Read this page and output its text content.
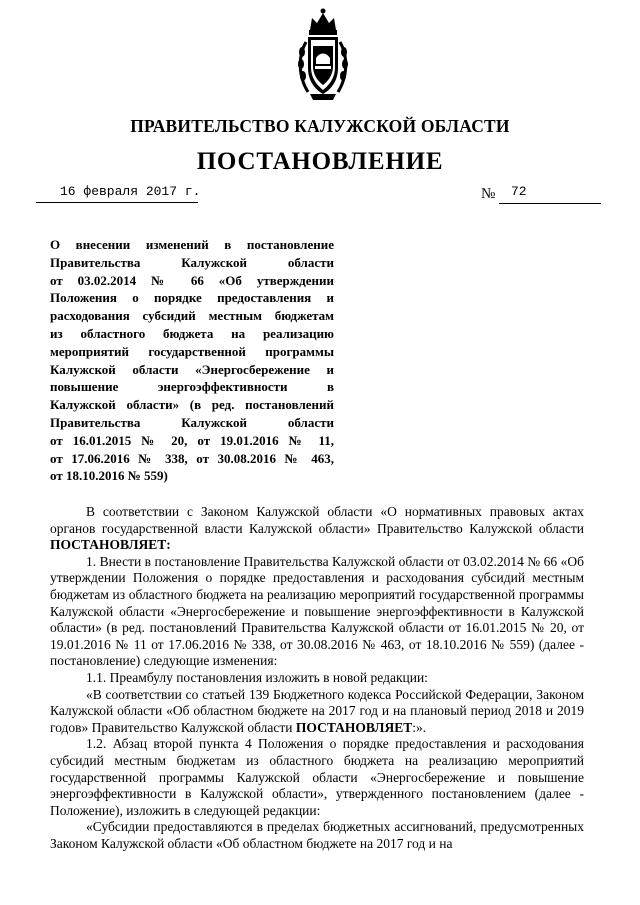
ПРАВИТЕЛЬСТВО КАЛУЖСКОЙ ОБЛАСТИ
ПОСТАНОВЛЕНИЕ
16 февраля 2017 г.	№ 72
О внесении изменений в постановление
Правительства Калужской области
от 03.02.2014 № 66 «Об утверждении
Положения о порядке предоставления и
расходования субсидий местным бюджетам
из областного бюджета на реализацию
мероприятий государственной программы
Калужской области «Энергосбережение и
повышение энергоэффективности в
Калужской области» (в ред. постановлений
Правительства Калужской области
от 16.01.2015 № 20, от 19.01.2016 № 11,
от 17.06.2016 № 338, от 30.08.2016 № 463,
от 18.10.2016 № 559)

В соответствии с Законом Калужской области «О нормативных правовых актах органов государственной власти Калужской области» Правительство Калужской области ПОСТАНОВЛЯЕТ:

1. Внести в постановление Правительства Калужской области от 03.02.2014 № 66 «Об утверждении Положения о порядке предоставления и расходования субсидий местным бюджетам из областного бюджета на реализацию мероприятий государственной программы Калужской области «Энергосбережение и повышение энергоэффективности в Калужской области» (в ред. постановлений Правительства Калужской области от 16.01.2015 № 20, от 19.01.2016 № 11 от 17.06.2016 № 338, от 30.08.2016 № 463, от 18.10.2016 № 559) (далее - постановление) следующие изменения:

1.1. Преамбулу постановления изложить в новой редакции:

«В соответствии со статьей 139 Бюджетного кодекса Российской Федерации, Законом Калужской области «Об областном бюджете на 2017 год и на плановый период 2018 и 2019 годов» Правительство Калужской области ПОСТАНОВЛЯЕТ:».

1.2. Абзац второй пункта 4 Положения о порядке предоставления и расходования субсидий местным бюджетам из областного бюджета на реализацию мероприятий государственной программы Калужской области «Энергосбережение и повышение энергоэффективности в Калужской области», утвержденного постановлением (далее - Положение), изложить в следующей редакции:

«Субсидии предоставляются в пределах бюджетных ассигнований, предусмотренных Законом Калужской области «Об областном бюджете на 2017 год и на
